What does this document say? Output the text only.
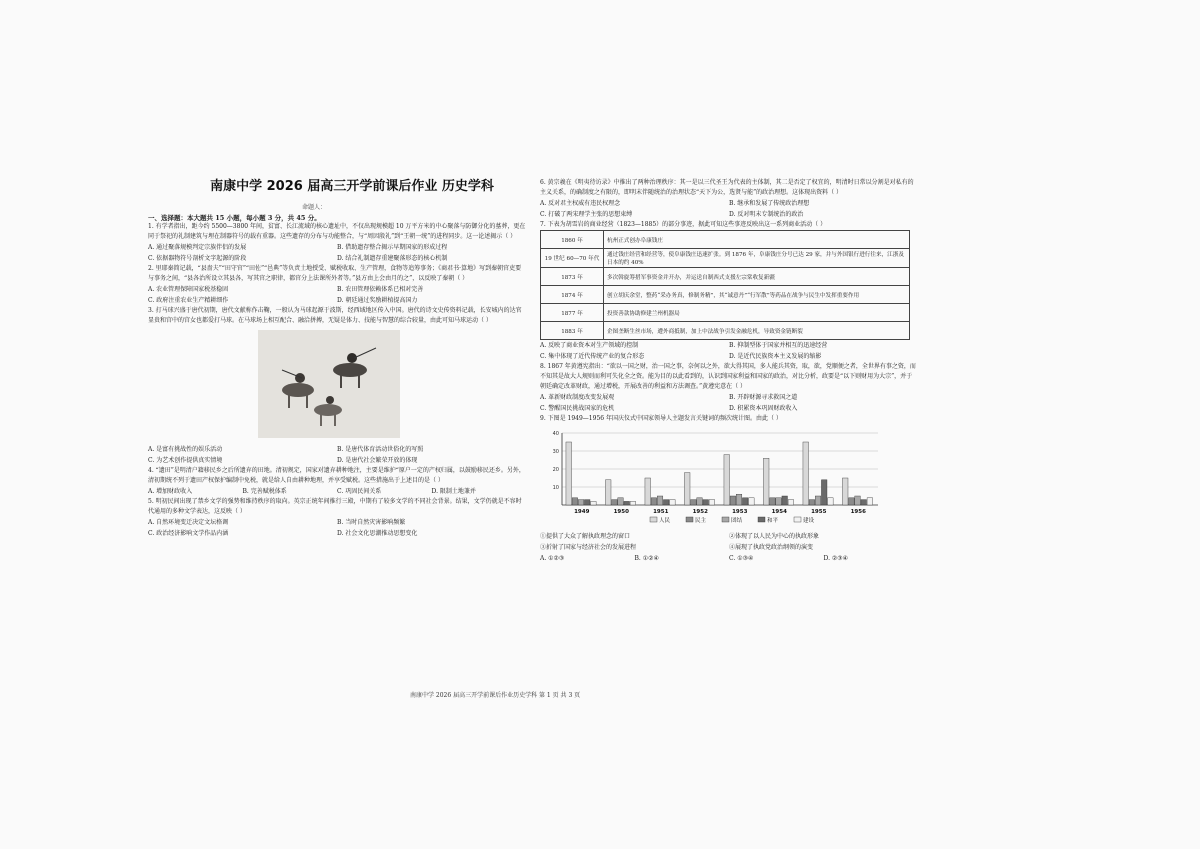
南康中学 2026 届高三开学前课后作业 历史学科
命题人：

一、选择题：本大题共 15 小题，每小题 3 分，共 45 分。

1. 有学者指出，距今约 5500—3800 年间，贫富、长江流域的核心遗址中，不仅出现规模超 10 万平方米的中心聚落与防御分化的墓葬，更在同于祭祀的礼制建筑与埋在制器符号的载有重器。这些遗存的分布与功能整合，与“周因殷礼”到“王朝一统”的进程同步。这一论述揭示（ ）

A. 通过聚落规模判定宗族伴侣的发展	B. 借助遗存整合揭示早期国家的形成过程
C. 依据器物符号剖析文字起源的阶段	D. 结合礼制遗存重建聚落形态的核心机制

2. 里耶秦简记载，“县啬夫”“田守官”“田佐”“邑典”等负责土地授受、赋税收取、生产管理，食物等追筹事务；《商君书·算地》写到秦朝官吏要与事务之间，“县各治所设立其县各，写其官之职律，都官分上法课所外者等。”县方由上会由月的之”，以反映了秦朝（ ）

A. 农业管理保障国家税基稳固	B. 农田管理依赖体系已相对完善
C. 政府注重农业生产精耕细作	D. 朝廷通过奖励耕植提高国力

3. 打马球兴盛于唐代初期，唐代文献称作击鞠，一般认为马球起源于波斯，经西域地区传入中国。唐代的诗文史传资料记载，长安城内的达官显贵和宫中的宫女也都爱打马球。在马球场上相互配合、融洽拼搏，无疑是体力、技能与智慧的综合较量，由此可知马球运动（ ）

A. 是富有挑战性的娱乐活动	B. 是唐代体育活动世俗化的写照
C. 为艺术创作提供真实情境	D. 是唐代社会繁荣开放的体现

4. “遗田”是明清户籍移民乡之后所遗弃的田地。清初规定，国家对遗弃耕种地注，主要是维护“原户一定的产权归属，以鼓励移民还乡。另外，清初期统不列于遗田产权保护编制中免税，就是给人自由耕种地理，并享受赋税。这些措施出于上述目的是（ ）

A. 增加财政收入	B. 完善赋税体系	C. 巩固民间关系	D. 限制土地兼并

5. 明初民间出现了禁乡文学的强势和维持秩序的取向。英宗正统年间推行三殿，中期有了较多文学的不同社会背景。结果，文学仍就是不容时代通用的多种文学表达，这反映（ ）

A. 自然环境变迁决定文坛格调	B. 当时自然灾害影响频繁
C. 政治经济影响文学作品内涵	D. 社会文化思潮推动思想变化

6. 黄宗羲在《明夷待访录》中推出了两种治理秩序：其一是以三代圣王为代表的主体制，其二是否定了权宜的，明清时日常以分割是对私有的主义关系，的确制度之有限的，即明末伴随统治的治理状态“天下为公，选贤与能”的政治理想。这体现出资料（ ）

A. 反对君主权威有违民权理念	B. 继承和发展了传统政治理想
C. 打破了两宋理学主张的思想束缚	D. 反对明末专制统治的政治

7. 下表为胡雪岩的商业经营（1823—1885）的部分事迹，据此可知这些事迹反映出这一系列商业活动（ ）

1860 年	杭州正式创办阜康钱庄
19 世纪 60—70 年代	通过钱庄经营和经营等，使阜康钱庄迅速扩张。到 1876 年，阜康钱庄分号已达 29 家，并与外国银行进行往来，江浙及日本的约 40%
1873 年	多次斡旋筹措军事资金并开办，并运送自制西式支援左宗棠收复新疆
1874 年	创立胡庆余堂，整药“采办务真，修制务精”，其“诚意丹”“行军散”等药品在战争与民生中发挥重要作用
1877 年	投资善款协助修建兰州机器局
1883 年	企图垄断生丝市场，遭外商抵制，加上中法战争引发金融危机，导致资金链断裂
A. 反映了商业资本对生产领域的控制	B. 抑制型体于国家并相互的迅速经营
C. 集中体现了近代传统产业的复合形态	D. 是近代民族资本主义发展的缩影

8. 1867 年黄遵宪指出：“欲以一国之财，治一国之事，奈何以之外，欲大得其国，多人能兵其资，取，欲，党顺便之者，全世界有事之资，而不知其是故大人规则而利可失化全之资。能为目的以此看到的，认识到国家利益和国家的政治，对比分析，政要是“以下则财用为大宗”，并于朝廷确定改革财政，通过增税，开展改善的利益和方法调查。”黄遵宪意在（ ）

A. 革新财政制度改变发展观	B. 开辟财源寻求救国之道
C. 警醒国民挑战国家的危机	D. 积累资本巩固财政收入

9. 下图是 1949—1956 年国庆仪式中国家领导人主题发言关键词的频次统计图。由此（ ）

10
20
30
40
1949	1950	1951	1952	1953	1954	1955	1956
人民	民主	团结	和平	建设
①提供了大众了解执政理念的窗口	②体现了以人民为中心的执政形象
③折射了国家与经济社会的发展进程	④展现了执政党政治纲领的演变
A. ①②③	B. ①②④	C. ①③④	D. ②③④
南康中学 2026 届高三开学前课后作业历史学科 第 1 页 共 3 页
